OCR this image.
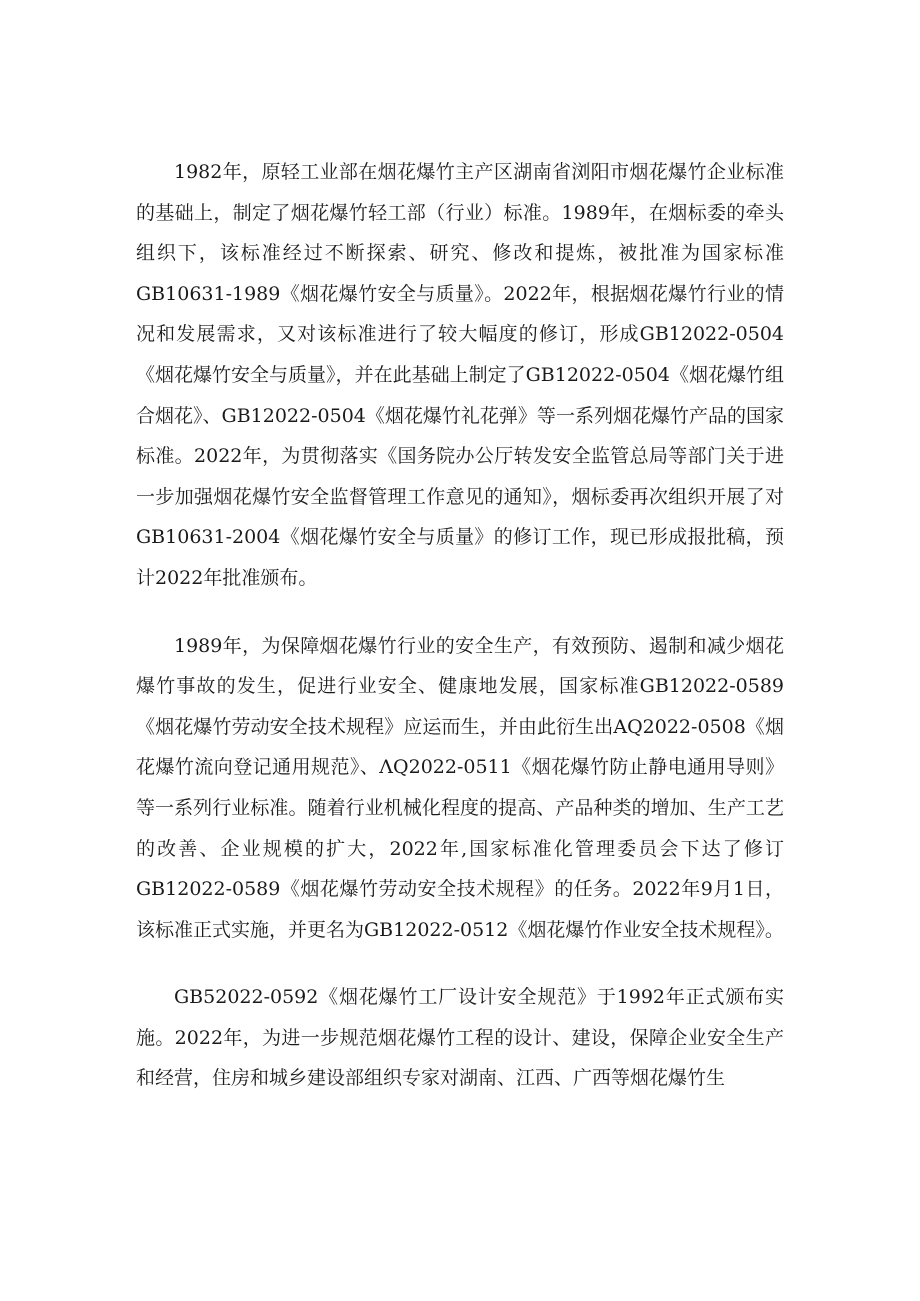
1982年，原轻工业部在烟花爆竹主产区湖南省浏阳市烟花爆竹企业标准的基础上，制定了烟花爆竹轻工部（行业）标准。1989年，在烟标委的牵头组织下，该标准经过不断探索、研究、修改和提炼，被批准为国家标准GB10631-1989《烟花爆竹安全与质量》。2022年，根据烟花爆竹行业的情况和发展需求，又对该标准进行了较大幅度的修订，形成GB12022-0504《烟花爆竹安全与质量》，并在此基础上制定了GB12022-0504《烟花爆竹组合烟花》、GB12022-0504《烟花爆竹礼花弹》等一系列烟花爆竹产品的国家标准。2022年，为贯彻落实《国务院办公厅转发安全监管总局等部门关于进一步加强烟花爆竹安全监督管理工作意见的通知》，烟标委再次组织开展了对GB10631-2004《烟花爆竹安全与质量》的修订工作，现已形成报批稿，预计2022年批准颁布。

1989年，为保障烟花爆竹行业的安全生产，有效预防、遏制和减少烟花爆竹事故的发生，促进行业安全、健康地发展，国家标准GB12022-0589《烟花爆竹劳动安全技术规程》应运而生，并由此衍生出AQ2022-0508《烟花爆竹流向登记通用规范》、ΛQ2022-0511《烟花爆竹防止静电通用导则》等一系列行业标准。随着行业机械化程度的提高、产品种类的增加、生产工艺的改善、企业规模的扩大，2022年,国家标准化管理委员会下达了修订GB12022-0589《烟花爆竹劳动安全技术规程》的任务。2022年9月1日，该标准正式实施，并更名为GB12022-0512《烟花爆竹作业安全技术规程》。

GB52022-0592《烟花爆竹工厂设计安全规范》于1992年正式颁布实施。2022年，为进一步规范烟花爆竹工程的设计、建设，保障企业安全生产和经营，住房和城乡建设部组织专家对湖南、江西、广西等烟花爆竹生
